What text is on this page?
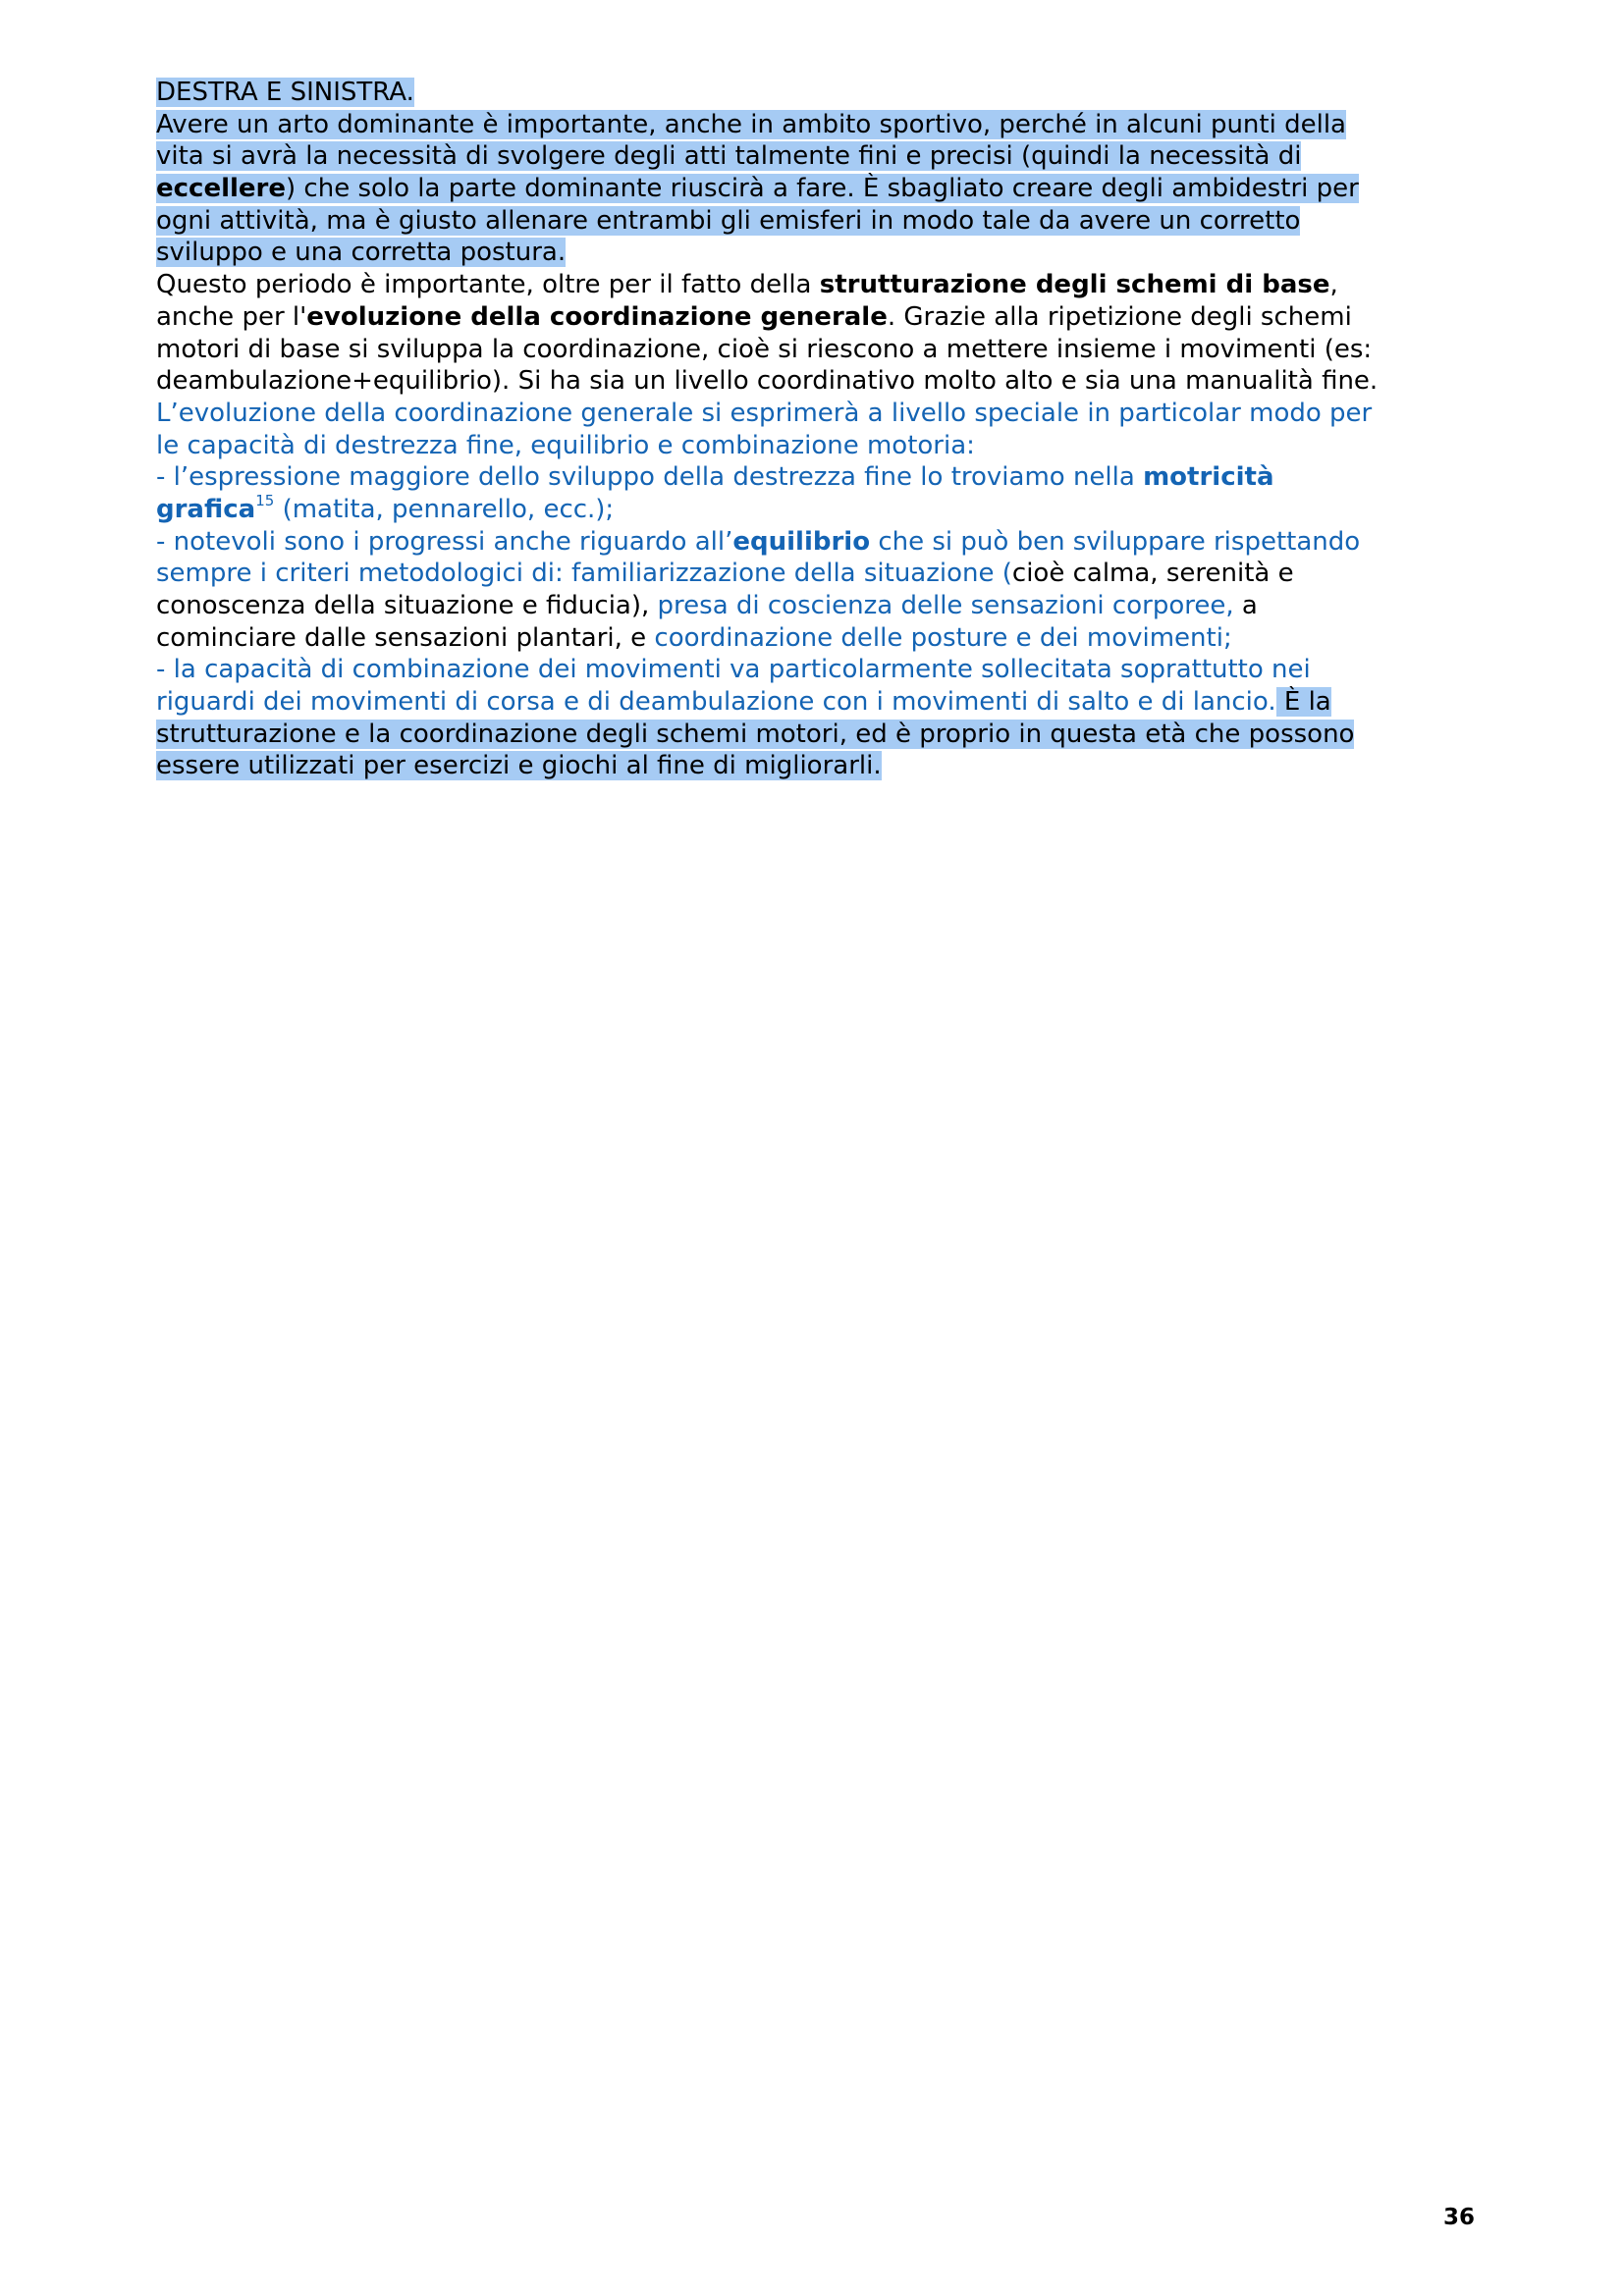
DESTRA E SINISTRA.
Avere un arto dominante è importante, anche in ambito sportivo, perché in alcuni punti della
vita si avrà la necessità di svolgere degli atti talmente fini e precisi (quindi la necessità di
eccellere) che solo la parte dominante riuscirà a fare. È sbagliato creare degli ambidestri per
ogni attività, ma è giusto allenare entrambi gli emisferi in modo tale da avere un corretto
sviluppo e una corretta postura.
Questo periodo è importante, oltre per il fatto della strutturazione degli schemi di base,
anche per l'evoluzione della coordinazione generale. Grazie alla ripetizione degli schemi
motori di base si sviluppa la coordinazione, cioè si riescono a mettere insieme i movimenti (es:
deambulazione+equilibrio). Si ha sia un livello coordinativo molto alto e sia una manualità fine.
L’evoluzione della coordinazione generale si esprimerà a livello speciale in particolar modo per
le capacità di destrezza fine, equilibrio e combinazione motoria:
- l’espressione maggiore dello sviluppo della destrezza fine lo troviamo nella motricità
grafica$^{15}$ (matita, pennarello, ecc.);
- notevoli sono i progressi anche riguardo all’equilibrio che si può ben sviluppare rispettando
sempre i criteri metodologici di: familiarizzazione della situazione (cioè calma, serenità e
conoscenza della situazione e fiducia), presa di coscienza delle sensazioni corporee, a
cominciare dalle sensazioni plantari, e coordinazione delle posture e dei movimenti;
- la capacità di combinazione dei movimenti va particolarmente sollecitata soprattutto nei
riguardi dei movimenti di corsa e di deambulazione con i movimenti di salto e di lancio. È la
strutturazione e la coordinazione degli schemi motori, ed è proprio in questa età che possono
essere utilizzati per esercizi e giochi al fine di migliorarli.
36
